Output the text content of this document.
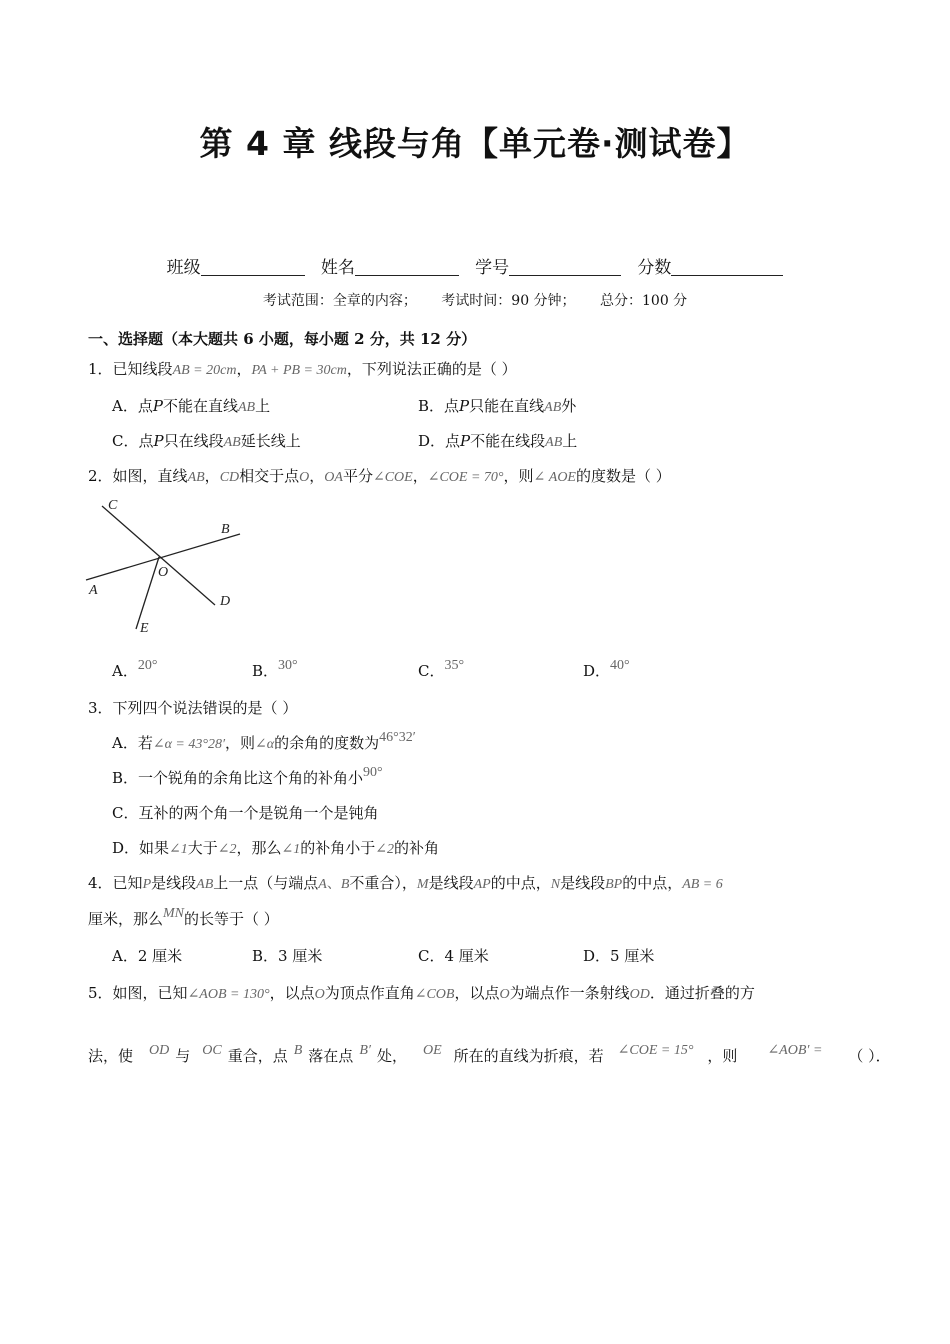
第 4 章 线段与角【单元卷·测试卷】
班级	姓名	学号	分数
考试范围：全章的内容； 考试时间：90 分钟； 总分：100 分
一、选择题（本大题共 6 小题，每小题 2 分，共 12 分）
1．已知线段AB = 20cm，PA + PB = 30cm，下列说法正确的是（ ）
A．点P不能在直线AB上	B．点P只能在直线AB外
C．点P只在线段AB延长线上	D．点P不能在线段AB上
2．如图，直线AB，CD相交于点O，OA平分∠COE，∠COE = 70°，则∠ AOE的度数是（ ）
C
B
O
A
D
E
A．20°	B．30°	C．35°	D．40°
3．下列四个说法错误的是（ ）
A．若∠α = 43°28′，则∠α的余角的度数为46°32′
B．一个锐角的余角比这个角的补角小90°
C．互补的两个角一个是锐角一个是钝角
D．如果∠1大于∠2，那么∠1的补角小于∠2的补角
4．已知P是线段AB上一点（与端点A、B不重合），M是线段AP的中点，N是线段BP的中点，AB = 6
厘米，那么MN的长等于（ ）
A．2 厘米	B．3 厘米	C．4 厘米	D．5 厘米
5．如图，已知∠AOB = 130°，以点O为顶点作直角∠COB，以点O为端点作一条射线OD．通过折叠的方
法，使 OD 与 OC 重合，点 B 落在点 B′ 处， OE 所在的直线为折痕，若 ∠COE = 15° ，则 ∠AOB′ = （ ）．
